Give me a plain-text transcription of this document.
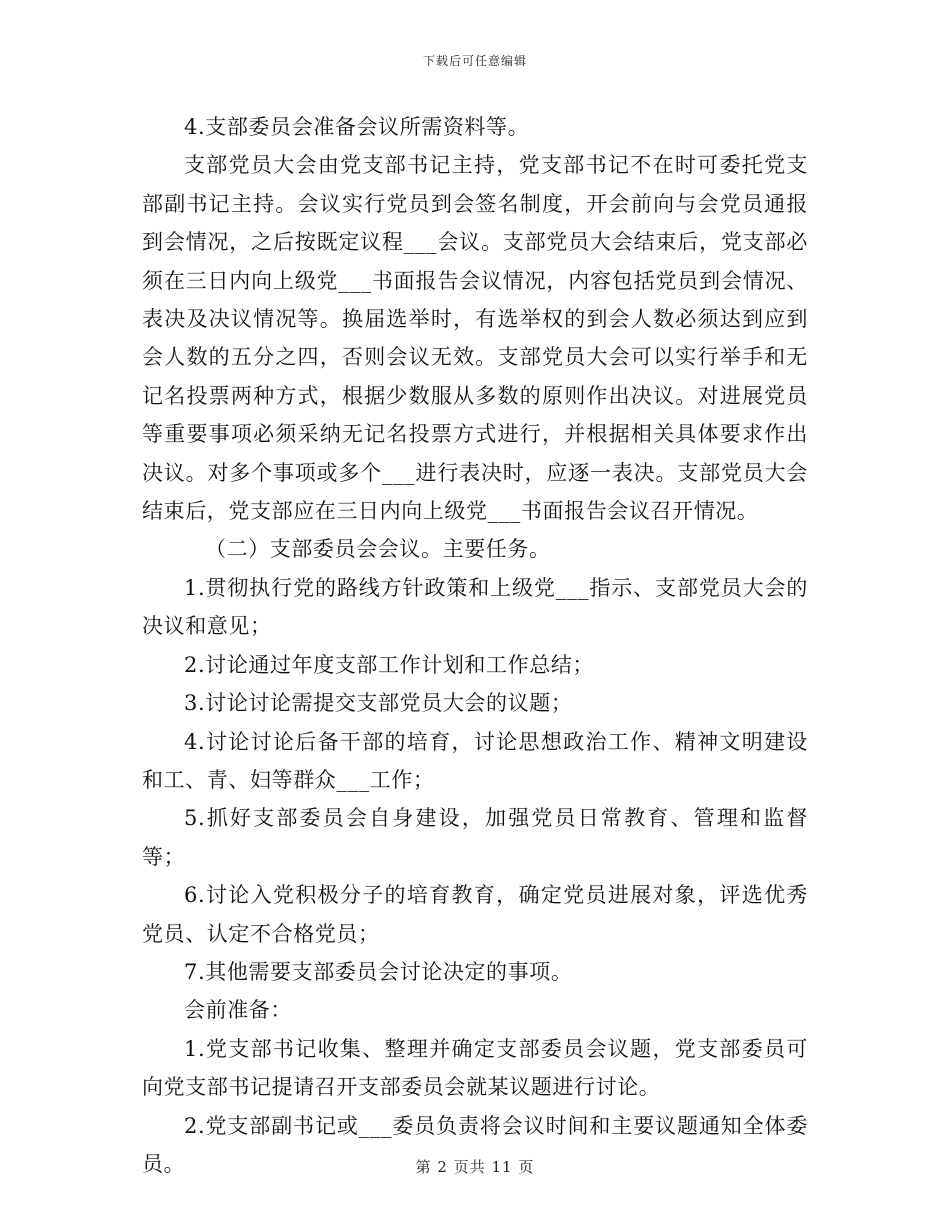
下载后可任意编辑

4.支部委员会准备会议所需资料等。

支部党员大会由党支部书记主持，党支部书记不在时可委托党支部副书记主持。会议实行党员到会签名制度，开会前向与会党员通报到会情况，之后按既定议程___会议。支部党员大会结束后，党支部必须在三日内向上级党___书面报告会议情况，内容包括党员到会情况、表决及决议情况等。换届选举时，有选举权的到会人数必须达到应到会人数的五分之四，否则会议无效。支部党员大会可以实行举手和无记名投票两种方式，根据少数服从多数的原则作出决议。对进展党员等重要事项必须采纳无记名投票方式进行，并根据相关具体要求作出决议。对多个事项或多个___进行表决时，应逐一表决。支部党员大会结束后，党支部应在三日内向上级党___书面报告会议召开情况。

（二）支部委员会会议。主要任务。

1.贯彻执行党的路线方针政策和上级党___指示、支部党员大会的决议和意见；

2.讨论通过年度支部工作计划和工作总结；

3.讨论讨论需提交支部党员大会的议题；

4.讨论讨论后备干部的培育，讨论思想政治工作、精神文明建设和工、青、妇等群众___工作；

5.抓好支部委员会自身建设，加强党员日常教育、管理和监督等；

6.讨论入党积极分子的培育教育，确定党员进展对象，评选优秀党员、认定不合格党员；

7.其他需要支部委员会讨论决定的事项。

会前准备：

1.党支部书记收集、整理并确定支部委员会议题，党支部委员可向党支部书记提请召开支部委员会就某议题进行讨论。

2.党支部副书记或___委员负责将会议时间和主要议题通知全体委员。	第 2 页共 11 页
